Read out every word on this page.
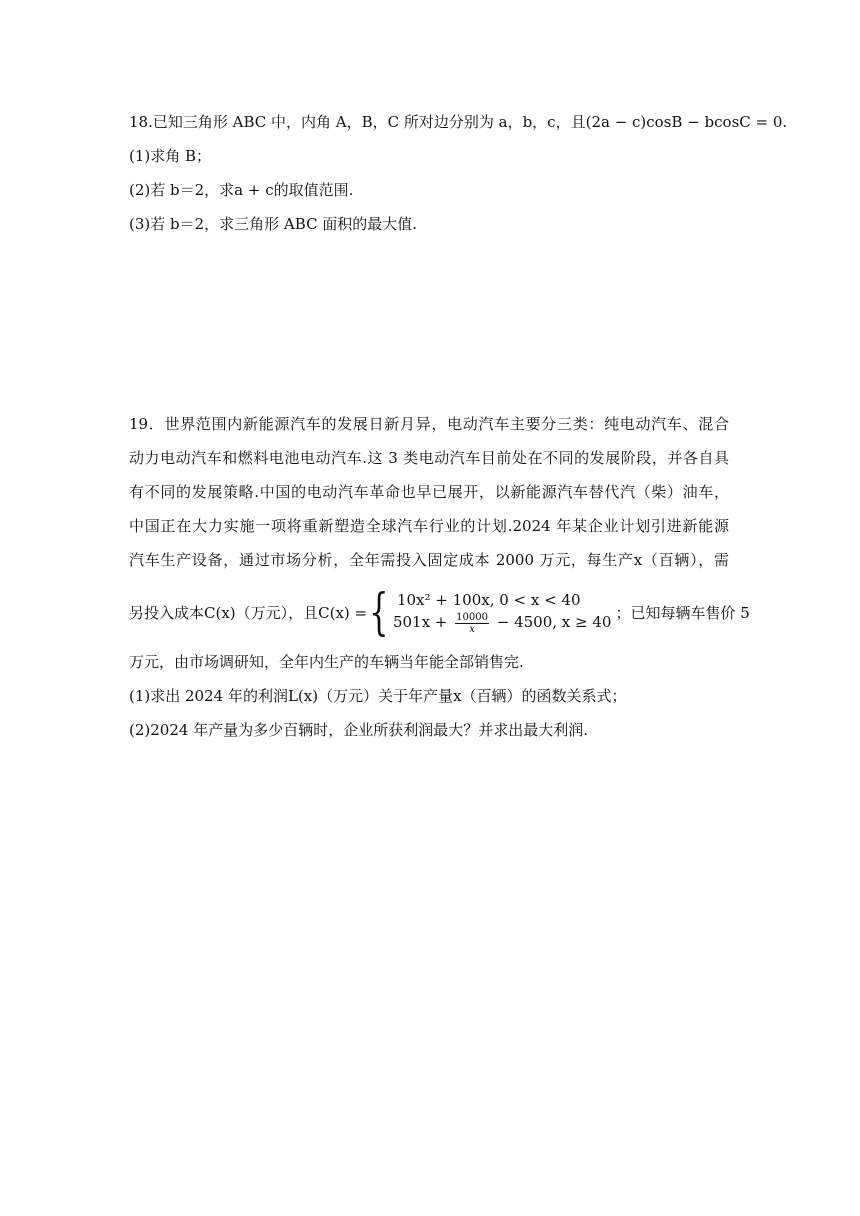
18.已知三角形 ABC 中，内角 A，B，C 所对边分别为 a，b，c，且(2a − c)cosB − bcosC = 0.
(1)求角 B；
(2)若 b＝2，求a + c的取值范围.
(3)若 b＝2，求三角形 ABC 面积的最大值.
19．世界范围内新能源汽车的发展日新月异，电动汽车主要分三类：纯电动汽车、混合
动力电动汽车和燃料电池电动汽车.这 3 类电动汽车目前处在不同的发展阶段，并各自具
有不同的发展策略.中国的电动汽车革命也早已展开，以新能源汽车替代汽（柴）油车，
中国正在大力实施一项将重新塑造全球汽车行业的计划.2024 年某企业计划引进新能源
汽车生产设备，通过市场分析，全年需投入固定成本 2000 万元，每生产x（百辆），需
另投入成本C(x)（万元），且C(x) = { 10x² + 100x, 0 < x < 40
$501x + \frac{10000}{x} - 4500$, x ≥ 40
；已知每辆车售价 5
万元，由市场调研知，全年内生产的车辆当年能全部销售完.
(1)求出 2024 年的利润L(x)（万元）关于年产量x（百辆）的函数关系式；
(2)2024 年产量为多少百辆时，企业所获利润最大？并求出最大利润.
